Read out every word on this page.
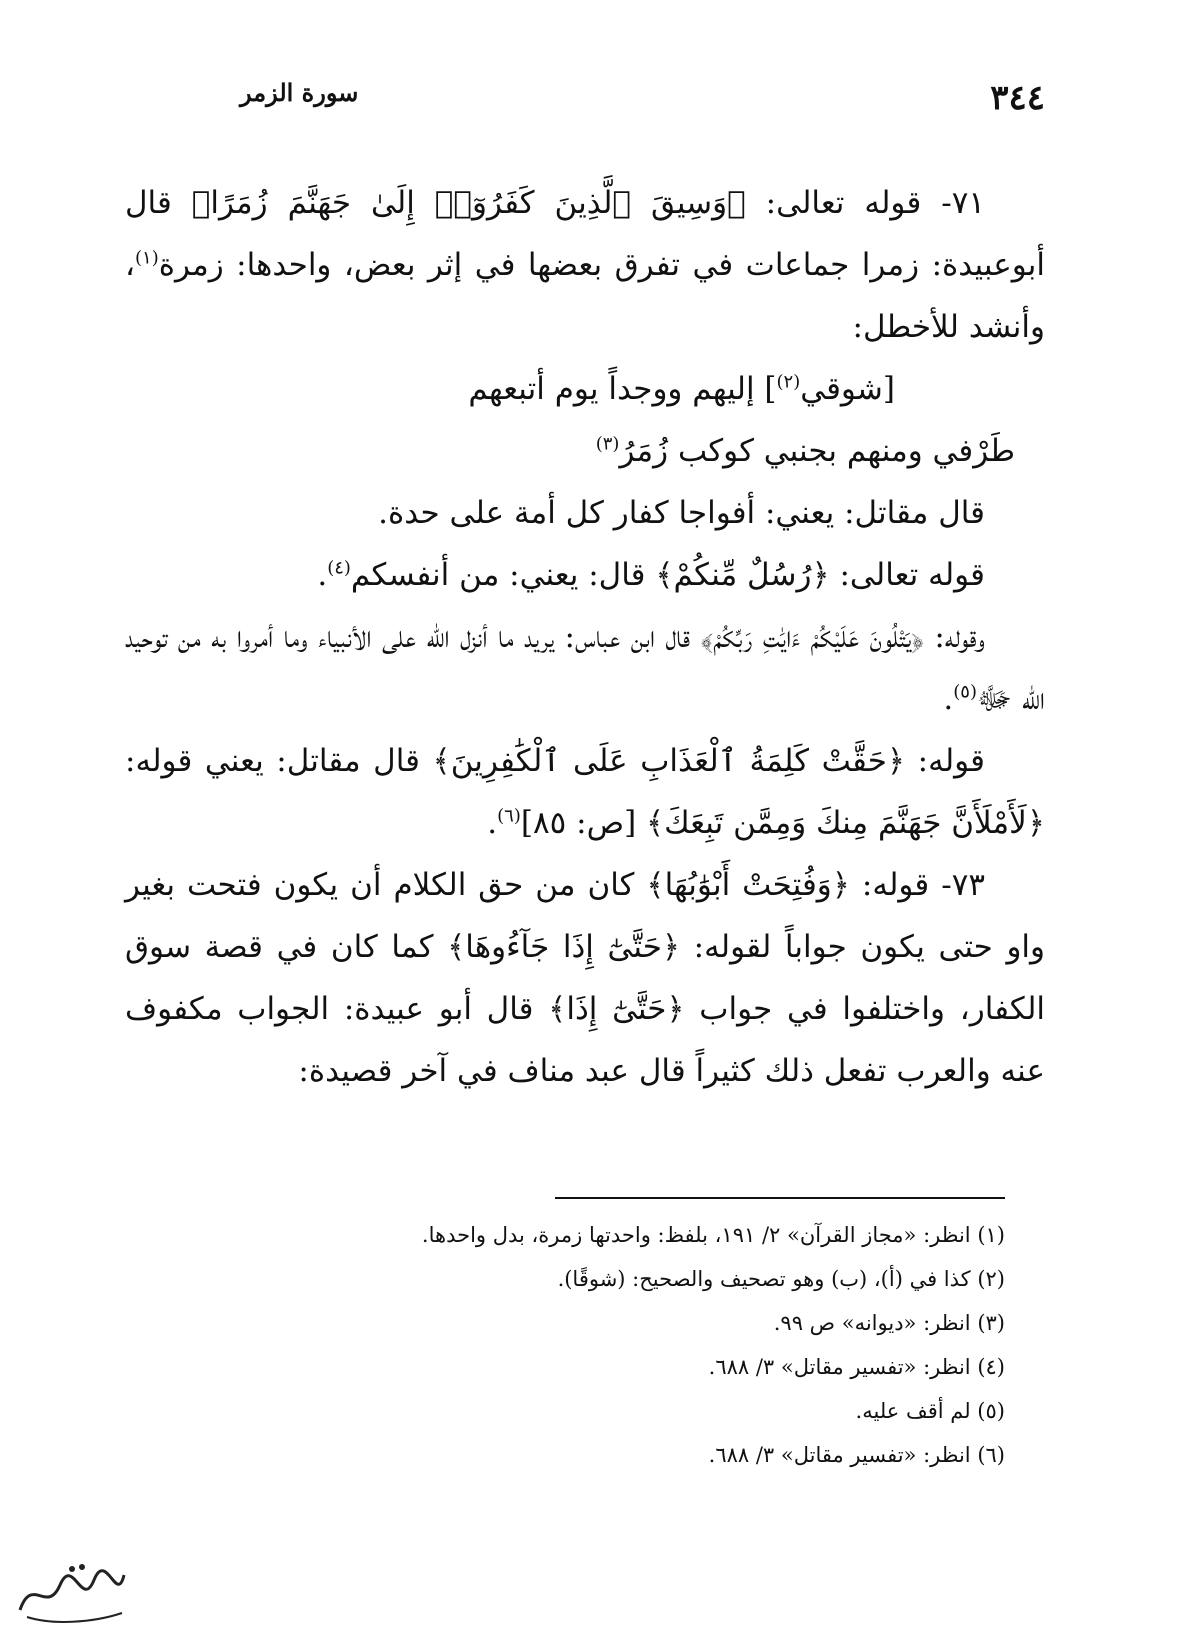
٣٤٤
سورة الزمر

٧١- قوله تعالى: ﴿وَسِيقَ ٱلَّذِينَ كَفَرُوٓا۟ إِلَىٰ جَهَنَّمَ زُمَرًا﴾ قال أبوعبيدة: زمرا جماعات في تفرق بعضها في إثر بعض، واحدها: زمرة$^{(١)}$، وأنشد للأخطل:

[شوقي$^{(٢)}$] إليهم ووجداً يوم أتبعهم

طَرْفي ومنهم بجنبي كوكب زُمَرُ$^{(٣)}$

قال مقاتل: يعني: أفواجا كفار كل أمة على حدة.

قوله تعالى: ﴿رُسُلٌ مِّنكُمْ﴾ قال: يعني: من أنفسكم$^{(٤)}$.

وقوله: ﴿يَتْلُونَ عَلَيْكُمْ ءَايَٰتِ رَبِّكُمْ﴾ قال ابن عباس: يريد ما أنزل الله على الأنبياء وما أمروا به من توحيد الله ﷻ$^{(٥)}$.

قوله: ﴿حَقَّتْ كَلِمَةُ ٱلْعَذَابِ عَلَى ٱلْكَٰفِرِينَ﴾ قال مقاتل: يعني قوله: ﴿لَأَمْلَأَنَّ جَهَنَّمَ مِنكَ وَمِمَّن تَبِعَكَ﴾ [ص: ٨٥]$^{(٦)}$.

٧٣- قوله: ﴿وَفُتِحَتْ أَبْوَٰبُهَا﴾ كان من حق الكلام أن يكون فتحت بغير واو حتى يكون جواباً لقوله: ﴿حَتَّىٰٓ إِذَا جَآءُوهَا﴾ كما كان في قصة سوق الكفار، واختلفوا في جواب ﴿حَتَّىٰٓ إِذَا﴾ قال أبو عبيدة: الجواب مكفوف عنه والعرب تفعل ذلك كثيراً قال عبد مناف في آخر قصيدة:

(١) انظر: «مجاز القرآن» ٢/ ١٩١، بلفظ: واحدتها زمرة، بدل واحدها.
(٢) كذا في (أ)، (ب) وهو تصحيف والصحيح: (شوقًا).
(٣) انظر: «ديوانه» ص ٩٩.
(٤) انظر: «تفسير مقاتل» ٣/ ٦٨٨.
(٥) لم أقف عليه.
(٦) انظر: «تفسير مقاتل» ٣/ ٦٨٨.
